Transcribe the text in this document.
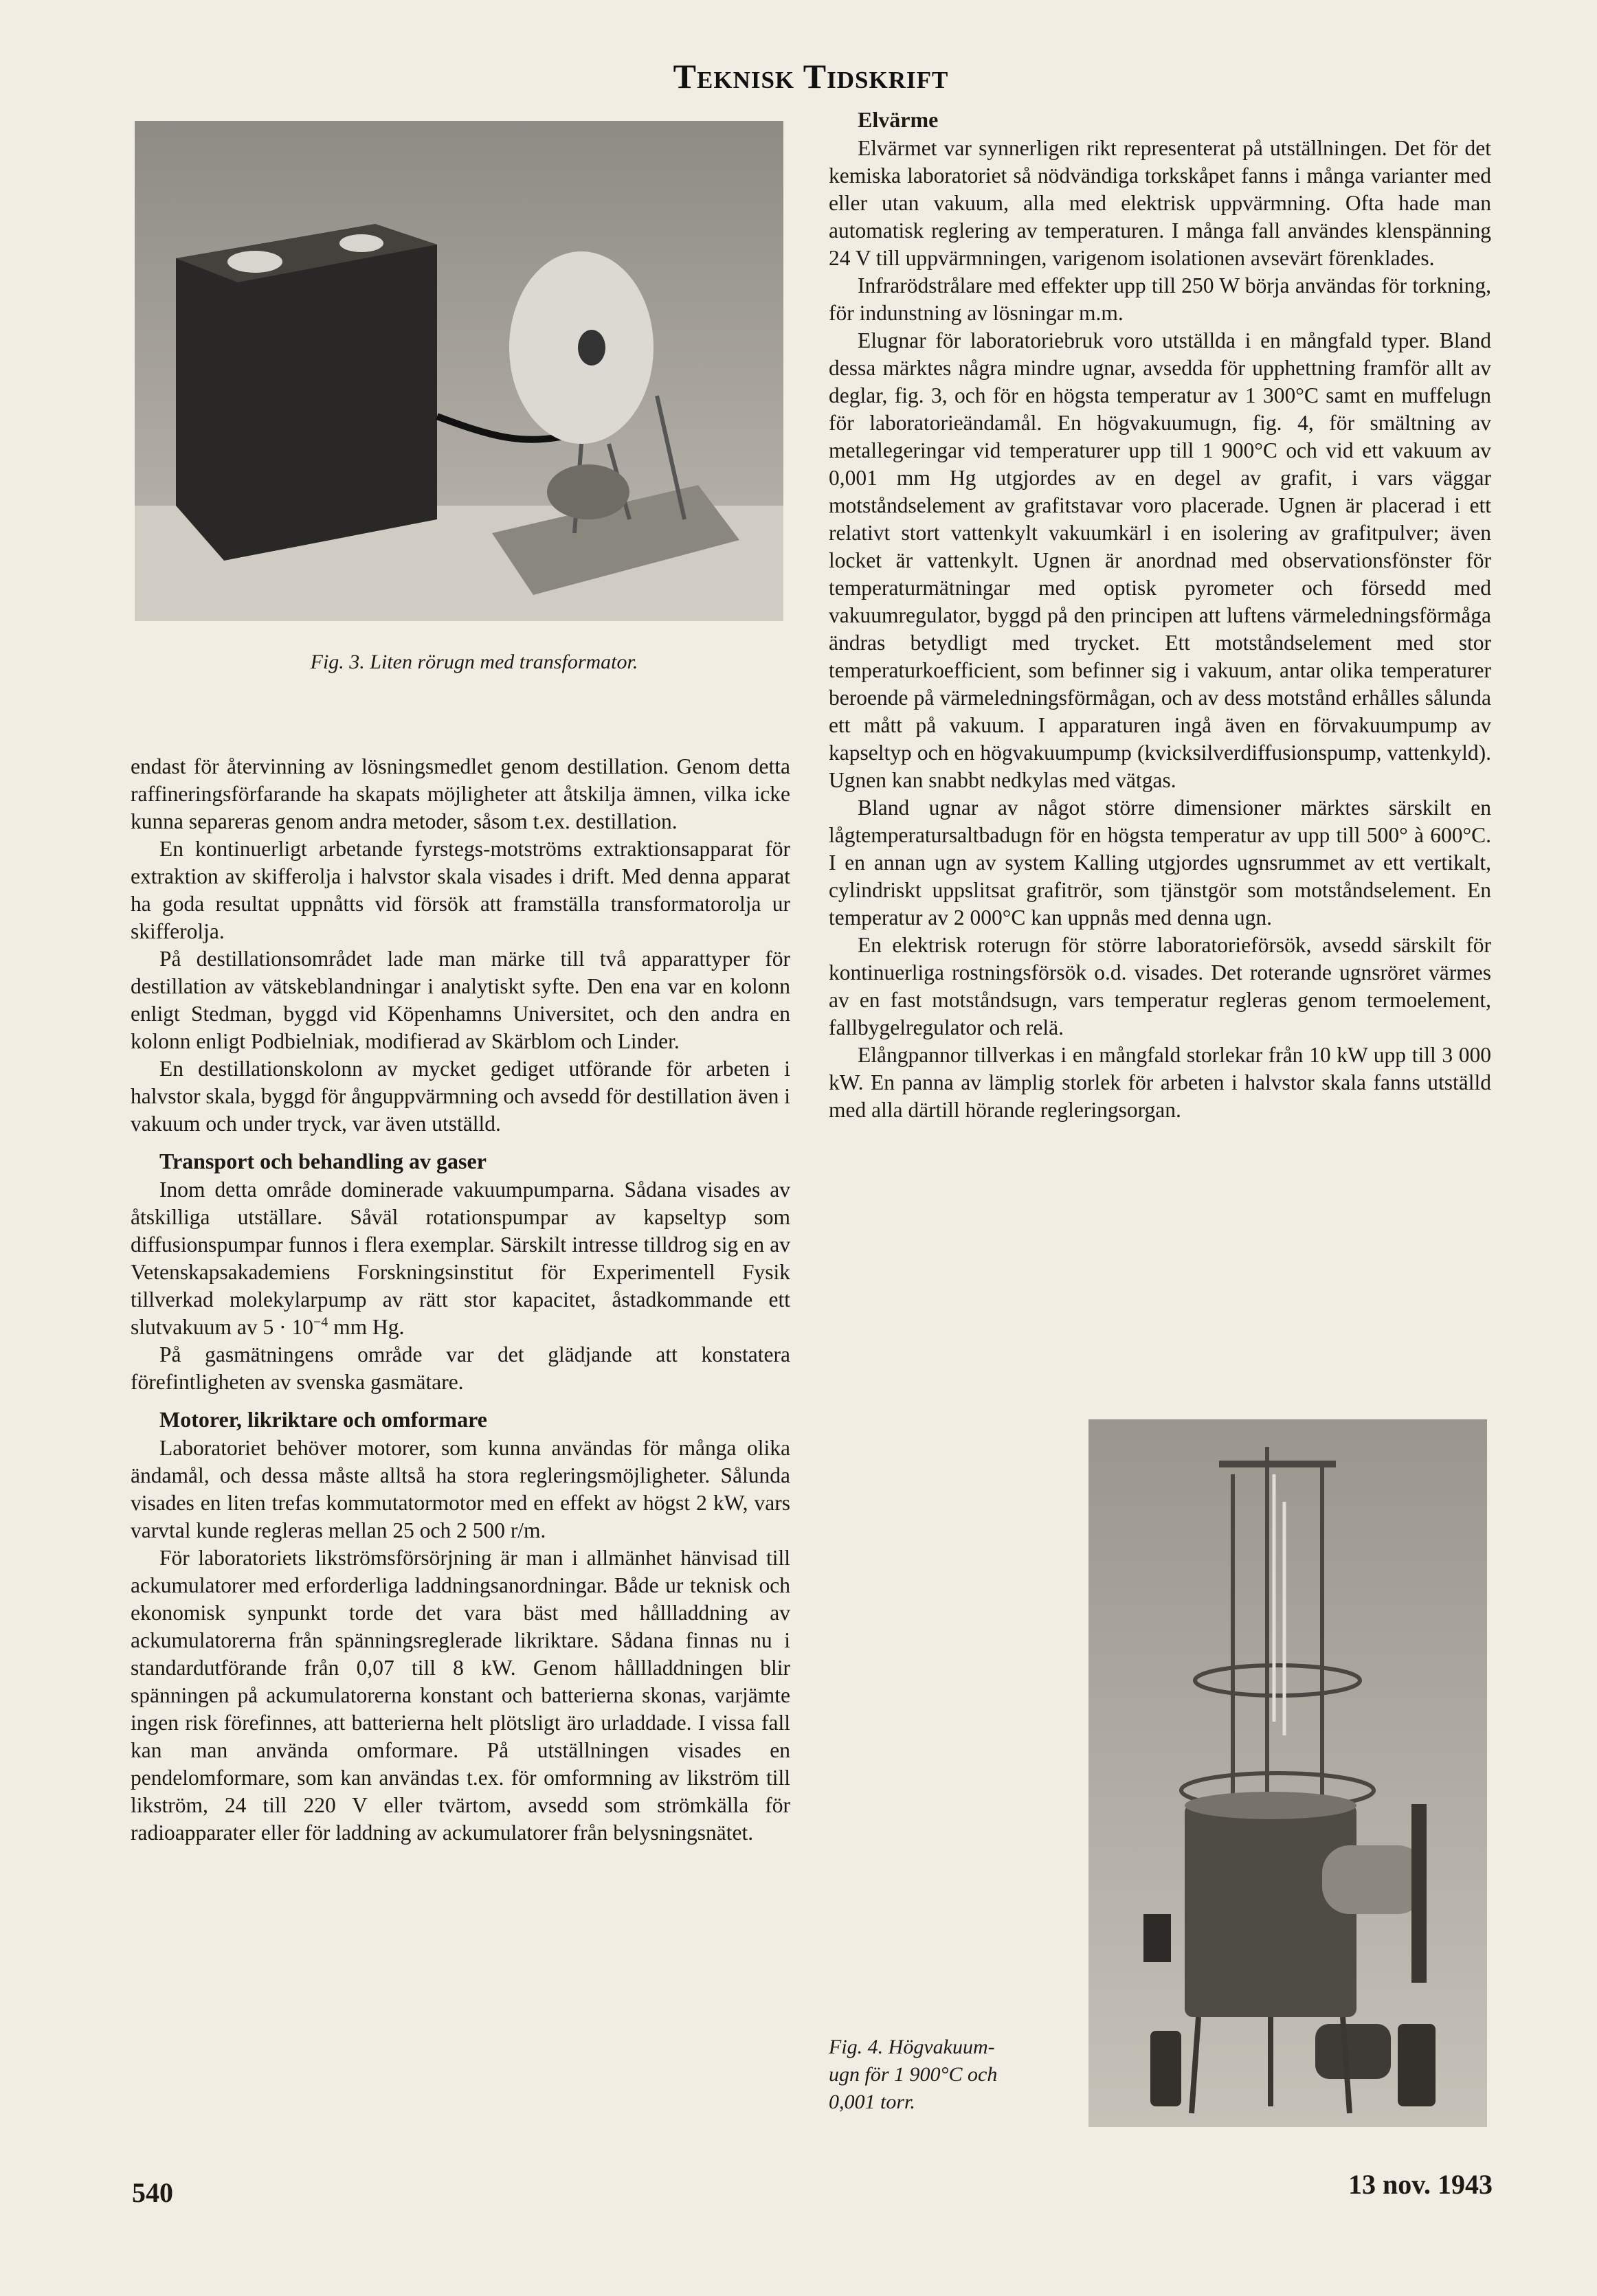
Teknisk Tidskrift
Fig. 3. Liten rörugn med transformator.

endast för återvinning av lösningsmedlet genom destillation. Genom detta raffineringsförfarande ha skapats möjligheter att åtskilja ämnen, vilka icke kunna separeras genom andra metoder, såsom t.ex. destillation.

En kontinuerligt arbetande fyrstegs-motströms extraktionsapparat för extraktion av skifferolja i halvstor skala visades i drift. Med denna apparat ha goda resultat uppnåtts vid försök att framställa transformatorolja ur skifferolja.

På destillationsområdet lade man märke till två apparattyper för destillation av vätskeblandningar i analytiskt syfte. Den ena var en kolonn enligt Stedman, byggd vid Köpenhamns Universitet, och den andra en kolonn enligt Podbielniak, modifierad av Skärblom och Linder.

En destillationskolonn av mycket gediget utförande för arbeten i halvstor skala, byggd för ånguppvärmning och avsedd för destillation även i vakuum och under tryck, var även utställd.

Transport och behandling av gaser

Inom detta område dominerade vakuumpumparna. Sådana visades av åtskilliga utställare. Såväl rotationspumpar av kapseltyp som diffusionspumpar funnos i flera exemplar. Särskilt intresse tilldrog sig en av Vetenskapsakademiens Forskningsinstitut för Experimentell Fysik tillverkad molekylarpump av rätt stor kapacitet, åstadkommande ett slutvakuum av $5 \cdot 10^{-4}$ mm Hg.

På gasmätningens område var det glädjande att konstatera förefintligheten av svenska gasmätare.

Motorer, likriktare och omformare

Laboratoriet behöver motorer, som kunna användas för många olika ändamål, och dessa måste alltså ha stora regleringsmöjligheter. Sålunda visades en liten trefas kommutatormotor med en effekt av högst 2 kW, vars varvtal kunde regleras mellan 25 och 2 500 r/m.

För laboratoriets likströmsförsörjning är man i allmänhet hänvisad till ackumulatorer med erforderliga laddningsanordningar. Både ur teknisk och ekonomisk synpunkt torde det vara bäst med hållladdning av ackumulatorerna från spänningsreglerade likriktare. Sådana finnas nu i standardutförande från 0,07 till 8 kW. Genom hållladdningen blir spänningen på ackumulatorerna konstant och batterierna skonas, varjämte ingen risk förefinnes, att batterierna helt plötsligt äro urladdade. I vissa fall kan man använda omformare. På utställningen visades en pendelomformare, som kan användas t.ex. för omformning av likström till likström, 24 till 220 V eller tvärtom, avsedd som strömkälla för radioapparater eller för laddning av ackumulatorer från belysningsnätet.

Elvärme

Elvärmet var synnerligen rikt representerat på utställningen. Det för det kemiska laboratoriet så nödvändiga torkskåpet fanns i många varianter med eller utan vakuum, alla med elektrisk uppvärmning. Ofta hade man automatisk reglering av temperaturen. I många fall användes klenspänning 24 V till uppvärmningen, varigenom isolationen avsevärt förenklades.

Infrarödstrålare med effekter upp till 250 W börja användas för torkning, för indunstning av lösningar m.m.

Elugnar för laboratoriebruk voro utställda i en mångfald typer. Bland dessa märktes några mindre ugnar, avsedda för upphettning framför allt av deglar, fig. 3, och för en högsta temperatur av 1 300°C samt en muffelugn för laboratorieändamål. En högvakuumugn, fig. 4, för smältning av metallegeringar vid temperaturer upp till 1 900°C och vid ett vakuum av 0,001 mm Hg utgjordes av en degel av grafit, i vars väggar motståndselement av grafitstavar voro placerade. Ugnen är placerad i ett relativt stort vattenkylt vakuumkärl i en isolering av grafitpulver; även locket är vattenkylt. Ugnen är anordnad med observationsfönster för temperaturmätningar med optisk pyrometer och försedd med vakuumregulator, byggd på den principen att luftens värmeledningsförmåga ändras betydligt med trycket. Ett motståndselement med stor temperaturkoefficient, som befinner sig i vakuum, antar olika temperaturer beroende på värmeledningsförmågan, och av dess motstånd erhålles sålunda ett mått på vakuum. I apparaturen ingå även en förvakuumpump av kapseltyp och en högvakuumpump (kvicksilverdiffusionspump, vattenkyld). Ugnen kan snabbt nedkylas med vätgas.

Bland ugnar av något större dimensioner märktes särskilt en lågtemperatursaltbadugn för en högsta temperatur av upp till 500° à 600°C. I en annan ugn av system Kalling utgjordes ugnsrummet av ett vertikalt, cylindriskt uppslitsat grafitrör, som tjänstgör som motståndselement. En temperatur av 2 000°C kan uppnås med denna ugn.

En elektrisk roterugn för större laboratorieförsök, avsedd särskilt för kontinuerliga rostningsförsök o.d. visades. Det roterande ugnsröret värmes av en fast motståndsugn, vars temperatur regleras genom termoelement, fallbygelregulator och relä.

Elångpannor tillverkas i en mångfald storlekar från 10 kW upp till 3 000 kW. En panna av lämplig storlek för arbeten i halvstor skala fanns utställd med alla därtill hörande regleringsorgan.

Fig. 4. Högvakuum-
ugn för 1 900°C och
0,001 torr.
540	13 nov. 1943
